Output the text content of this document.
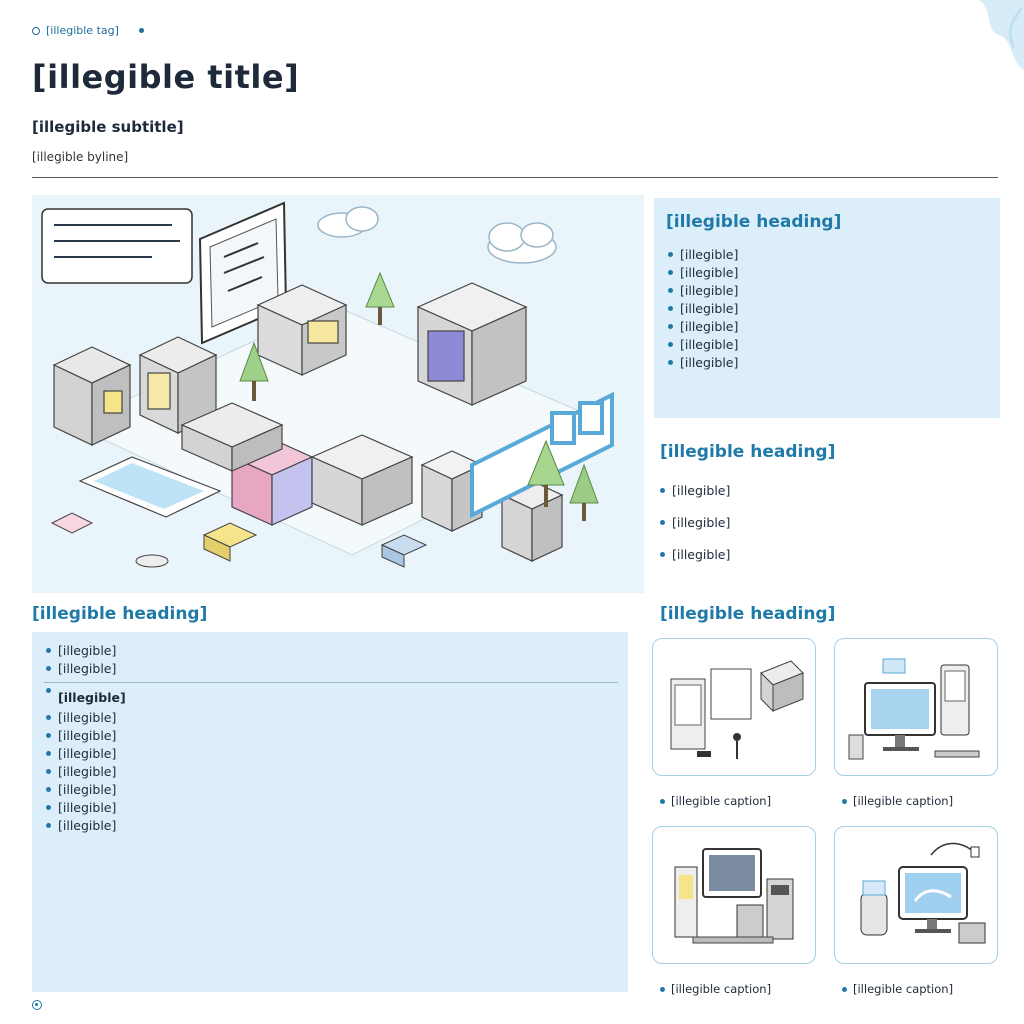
[illegible tag]
[illegible title]
[illegible subtitle]
[illegible byline]
[illegible heading]
[illegible]
[illegible]
[illegible]
[illegible]
[illegible]
[illegible]
[illegible]
[illegible heading]
[illegible]
[illegible]
[illegible]
[illegible heading]
[illegible]
[illegible]
[illegible]
[illegible]
[illegible]
[illegible]
[illegible]
[illegible]
[illegible]
[illegible]
[illegible heading]
[illegible caption]	[illegible caption]
[illegible caption]	[illegible caption]
